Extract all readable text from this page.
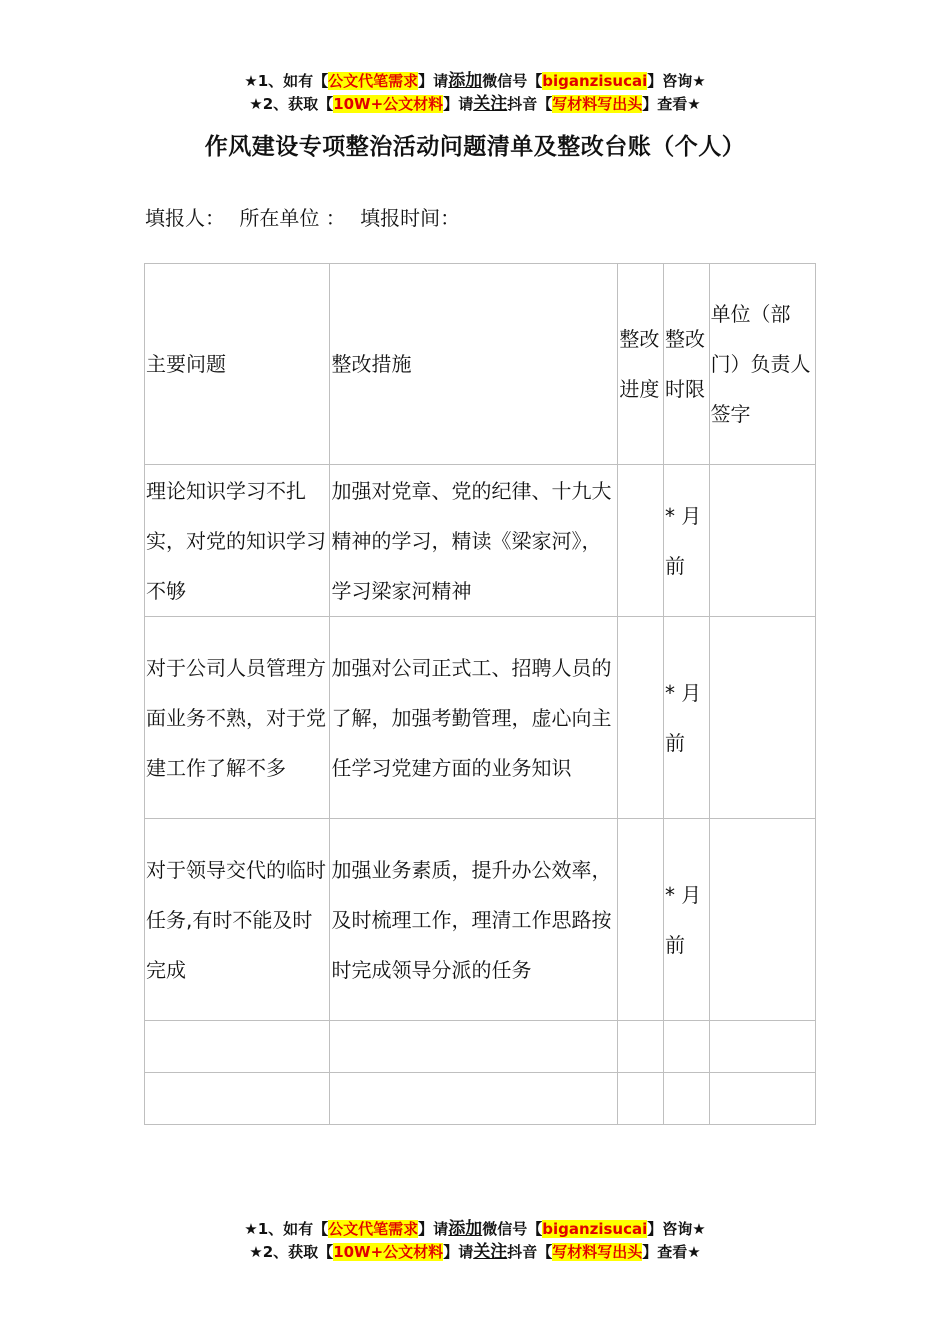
★1、如有【公文代笔需求】请添加微信号【biganzisucai】咨询★
★2、获取【10W+公文材料】请关注抖音【写材料写出头】查看★
作风建设专项整治活动问题清单及整改台账（个人）
填报人： 所在单位 ： 填报时间：
主要问题	整改措施	整改进度	整改时限	单位（部门）负责人签字
理论知识学习不扎实，对党的知识学习不够	加强对党章、党的纪律、十九大精神的学习，精读《梁家河》，学习梁家河精神		* 月前	
对于公司人员管理方面业务不熟，对于党建工作了解不多	加强对公司正式工、招聘人员的了解，加强考勤管理，虚心向主任学习党建方面的业务知识		* 月前	
对于领导交代的临时任务,有时不能及时完成	加强业务素质，提升办公效率，及时梳理工作，理清工作思路按时完成领导分派的任务		* 月前	

★1、如有【公文代笔需求】请添加微信号【biganzisucai】咨询★
★2、获取【10W+公文材料】请关注抖音【写材料写出头】查看★
